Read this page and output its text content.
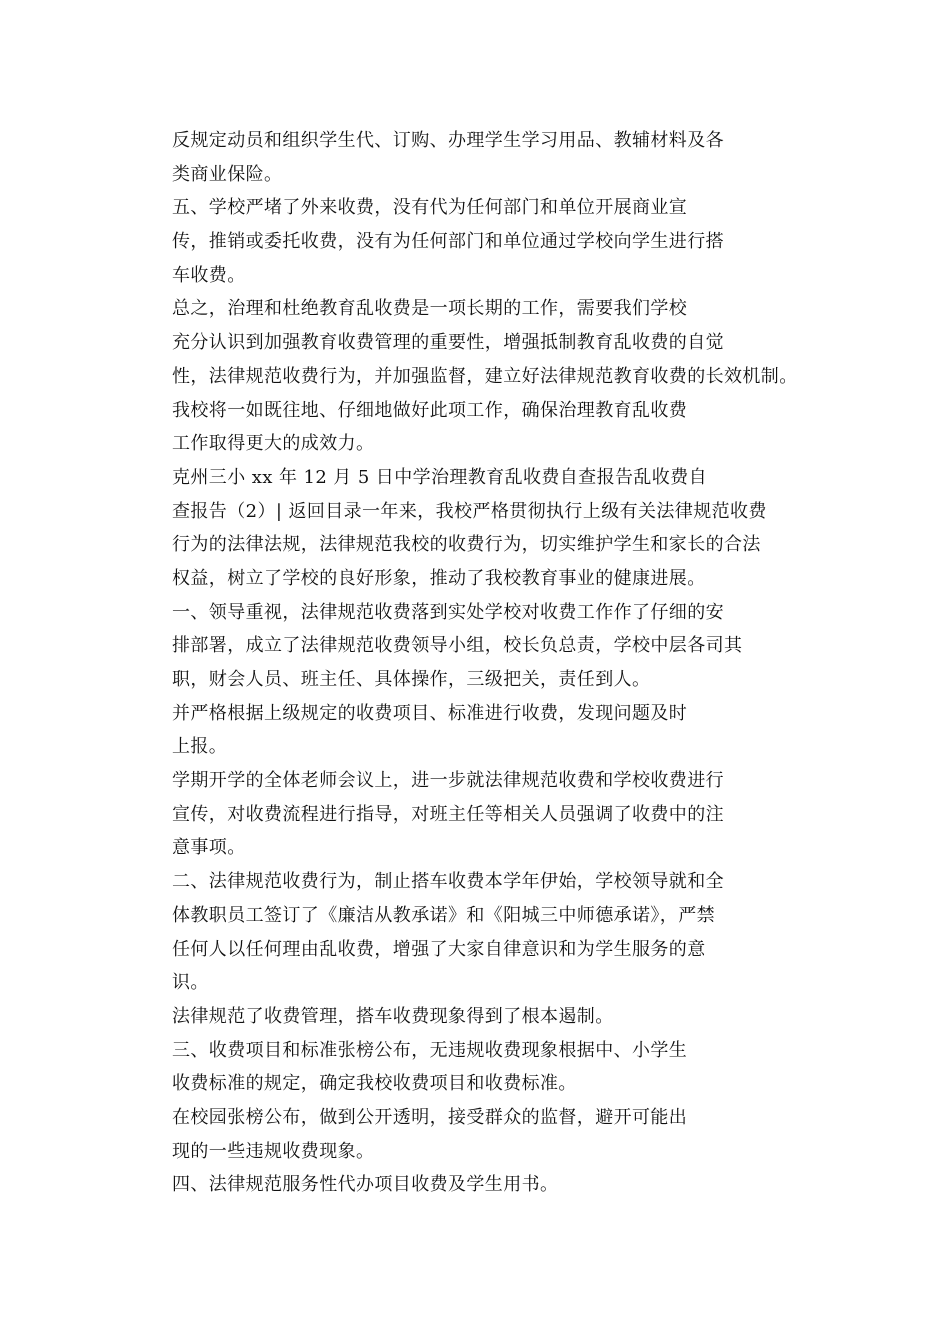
反规定动员和组织学生代、订购、办理学生学习用品、教辅材料及各
类商业保险。
五、学校严堵了外来收费，没有代为任何部门和单位开展商业宣
传，推销或委托收费，没有为任何部门和单位通过学校向学生进行搭
车收费。
总之，治理和杜绝教育乱收费是一项长期的工作，需要我们学校
充分认识到加强教育收费管理的重要性，增强抵制教育乱收费的自觉
性，法律规范收费行为，并加强监督，建立好法律规范教育收费的长效机制。
我校将一如既往地、仔细地做好此项工作，确保治理教育乱收费
工作取得更大的成效力。
克州三小 xx 年 12 月 5 日中学治理教育乱收费自查报告乱收费自
查报告（2）| 返回目录一年来，我校严格贯彻执行上级有关法律规范收费
行为的法律法规，法律规范我校的收费行为，切实维护学生和家长的合法
权益，树立了学校的良好形象，推动了我校教育事业的健康进展。
一、领导重视，法律规范收费落到实处学校对收费工作作了仔细的安
排部署，成立了法律规范收费领导小组，校长负总责，学校中层各司其
职，财会人员、班主任、具体操作，三级把关，责任到人。
并严格根据上级规定的收费项目、标准进行收费，发现问题及时
上报。
学期开学的全体老师会议上，进一步就法律规范收费和学校收费进行
宣传，对收费流程进行指导，对班主任等相关人员强调了收费中的注
意事项。
二、法律规范收费行为，制止搭车收费本学年伊始，学校领导就和全
体教职员工签订了《廉洁从教承诺》和《阳城三中师德承诺》，严禁
任何人以任何理由乱收费，增强了大家自律意识和为学生服务的意
识。
法律规范了收费管理，搭车收费现象得到了根本遏制。
三、收费项目和标准张榜公布，无违规收费现象根据中、小学生
收费标准的规定，确定我校收费项目和收费标准。
在校园张榜公布，做到公开透明，接受群众的监督，避开可能出
现的一些违规收费现象。
四、法律规范服务性代办项目收费及学生用书。
